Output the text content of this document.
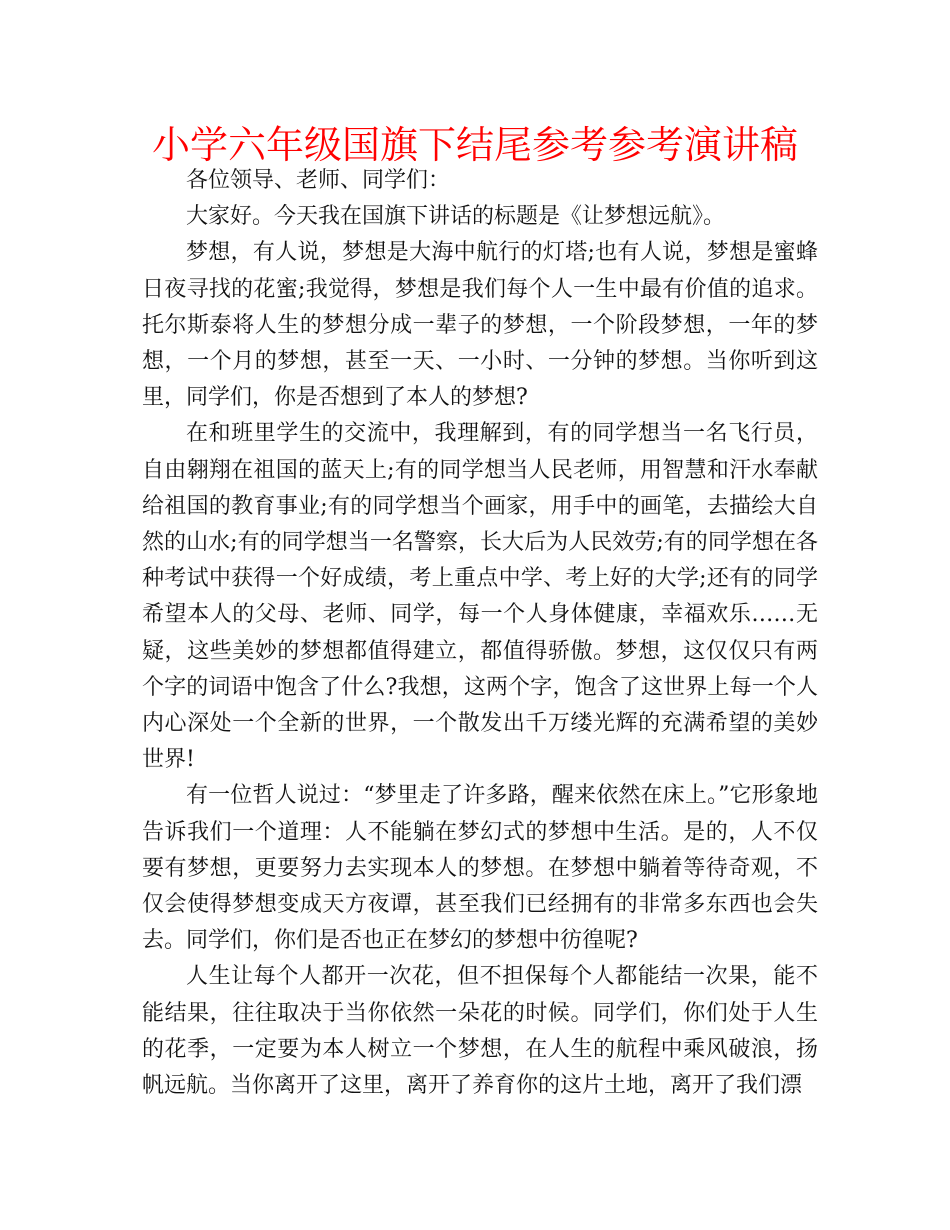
小学六年级国旗下结尾参考参考演讲稿

各位领导、老师、同学们：

大家好。今天我在国旗下讲话的标题是《让梦想远航》。

梦想，有人说，梦想是大海中航行的灯塔;也有人说，梦想是蜜蜂日夜寻找的花蜜;我觉得，梦想是我们每个人一生中最有价值的追求。托尔斯泰将人生的梦想分成一辈子的梦想，一个阶段梦想，一年的梦想，一个月的梦想，甚至一天、一小时、一分钟的梦想。当你听到这里，同学们，你是否想到了本人的梦想?

在和班里学生的交流中，我理解到，有的同学想当一名飞行员，自由翱翔在祖国的蓝天上;有的同学想当人民老师，用智慧和汗水奉献给祖国的教育事业;有的同学想当个画家，用手中的画笔，去描绘大自然的山水;有的同学想当一名警察，长大后为人民效劳;有的同学想在各种考试中获得一个好成绩，考上重点中学、考上好的大学;还有的同学希望本人的父母、老师、同学，每一个人身体健康，幸福欢乐……无疑，这些美妙的梦想都值得建立，都值得骄傲。梦想，这仅仅只有两个字的词语中饱含了什么?我想，这两个字，饱含了这世界上每一个人内心深处一个全新的世界，一个散发出千万缕光辉的充满希望的美妙世界!

有一位哲人说过：“梦里走了许多路，醒来依然在床上。”它形象地告诉我们一个道理：人不能躺在梦幻式的梦想中生活。是的，人不仅要有梦想，更要努力去实现本人的梦想。在梦想中躺着等待奇观，不仅会使得梦想变成天方夜谭，甚至我们已经拥有的非常多东西也会失去。同学们，你们是否也正在梦幻的梦想中彷徨呢?

人生让每个人都开一次花，但不担保每个人都能结一次果，能不能结果，往往取决于当你依然一朵花的时候。同学们，你们处于人生的花季，一定要为本人树立一个梦想，在人生的航程中乘风破浪，扬帆远航。当你离开了这里，离开了养育你的这片土地，离开了我们漂
